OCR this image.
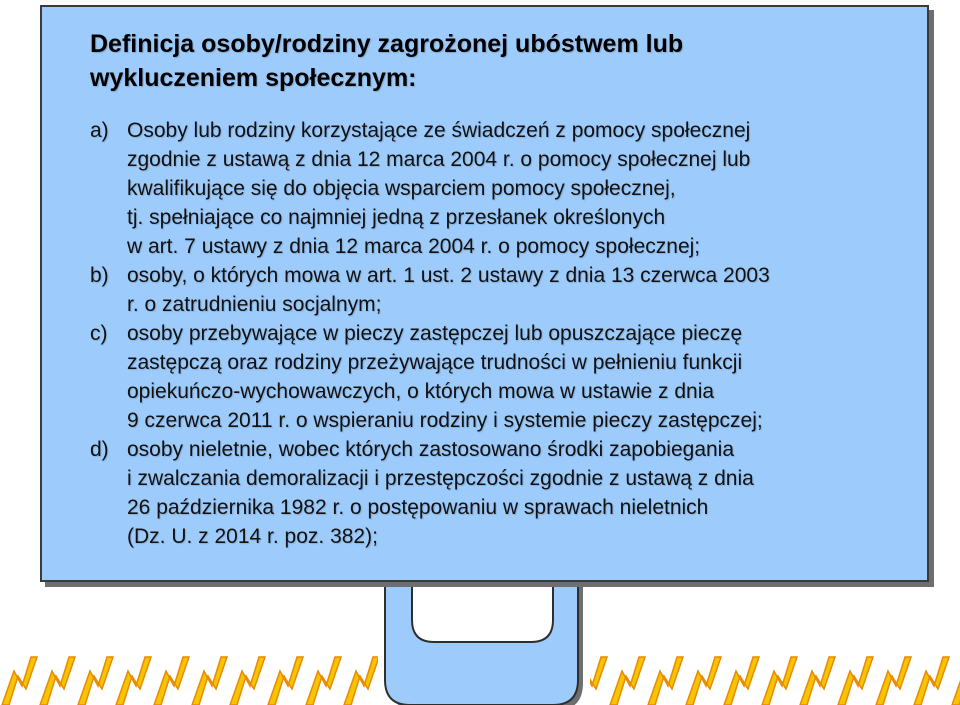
Definicja osoby/rodziny zagrożonej ubóstwem lub
wykluczeniem społecznym:
a) Osoby lub rodziny korzystające ze świadczeń z pomocy społecznej
zgodnie z ustawą z dnia 12 marca 2004 r. o pomocy społecznej lub
kwalifikujące się do objęcia wsparciem pomocy społecznej,
tj. spełniające co najmniej jedną z przesłanek określonych
w art. 7 ustawy z dnia 12 marca 2004 r. o pomocy społecznej;
b) osoby, o których mowa w art. 1 ust. 2 ustawy z dnia 13 czerwca 2003
r. o zatrudnieniu socjalnym;
c) osoby przebywające w pieczy zastępczej lub opuszczające pieczę
zastępczą oraz rodziny przeżywające trudności w pełnieniu funkcji
opiekuńczo-wychowawczych, o których mowa w ustawie z dnia
9 czerwca 2011 r. o wspieraniu rodziny i systemie pieczy zastępczej;
d) osoby nieletnie, wobec których zastosowano środki zapobiegania
i zwalczania demoralizacji i przestępczości zgodnie z ustawą z dnia
26 października 1982 r. o postępowaniu w sprawach nieletnich
(Dz. U. z 2014 r. poz. 382);
